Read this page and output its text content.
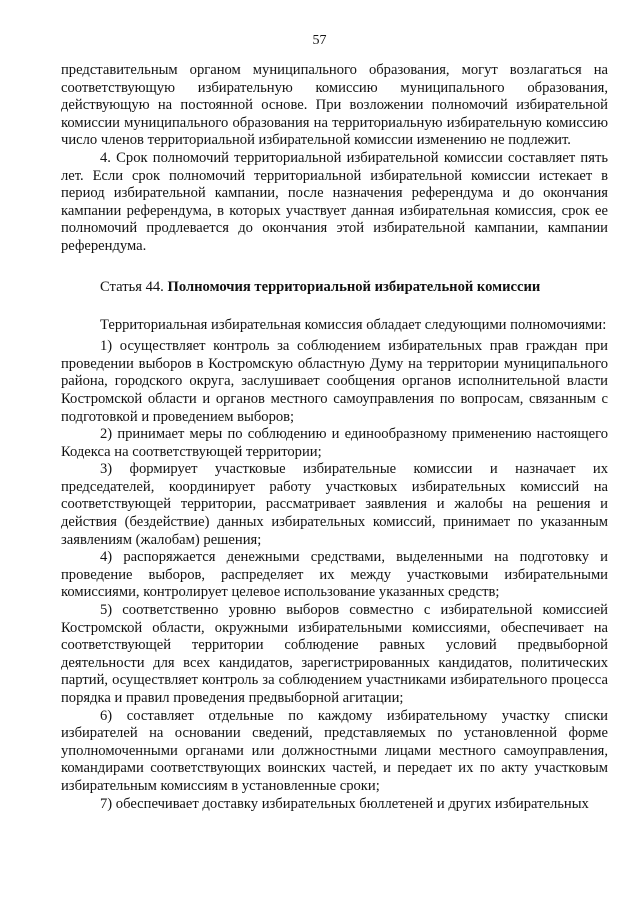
57

представительным органом муниципального образования, могут возлагаться на соответствующую избирательную комиссию муниципального образования, действующую на постоянной основе. При возложении полномочий избирательной комиссии муниципального образования на территориальную избирательную комиссию число членов территориальной избирательной комиссии изменению не подлежит.

4. Срок полномочий территориальной избирательной комиссии составляет пять лет. Если срок полномочий территориальной избирательной комиссии истекает в период избирательной кампании, после назначения референдума и до окончания кампании референдума, в которых участвует данная избирательная комиссия, срок ее полномочий продлевается до окончания этой избирательной кампании, кампании референдума.

Статья 44. Полномочия территориальной избирательной комиссии

Территориальная избирательная комиссия обладает следующими полномочиями:

1) осуществляет контроль за соблюдением избирательных прав граждан при проведении выборов в Костромскую областную Думу на территории муниципального района, городского округа, заслушивает сообщения органов исполнительной власти Костромской области и органов местного самоуправления по вопросам, связанным с подготовкой и проведением выборов;

2) принимает меры по соблюдению и единообразному применению настоящего Кодекса на соответствующей территории;

3) формирует участковые избирательные комиссии и назначает их председателей, координирует работу участковых избирательных комиссий на соответствующей территории, рассматривает заявления и жалобы на решения и действия (бездействие) данных избирательных комиссий, принимает по указанным заявлениям (жалобам) решения;

4) распоряжается денежными средствами, выделенными на подготовку и проведение выборов, распределяет их между участковыми избирательными комиссиями, контролирует целевое использование указанных средств;

5) соответственно уровню выборов совместно с избирательной комиссией Костромской области, окружными избирательными комиссиями, обеспечивает на соответствующей территории соблюдение равных условий предвыборной деятельности для всех кандидатов, зарегистрированных кандидатов, политических партий, осуществляет контроль за соблюдением участниками избирательного процесса порядка и правил проведения предвыборной агитации;

6) составляет отдельные по каждому избирательному участку списки избирателей на основании сведений, представляемых по установленной форме уполномоченными органами или должностными лицами местного самоуправления, командирами соответствующих воинских частей, и передает их по акту участковым избирательным комиссиям в установленные сроки;

7) обеспечивает доставку избирательных бюллетеней и других избирательных
